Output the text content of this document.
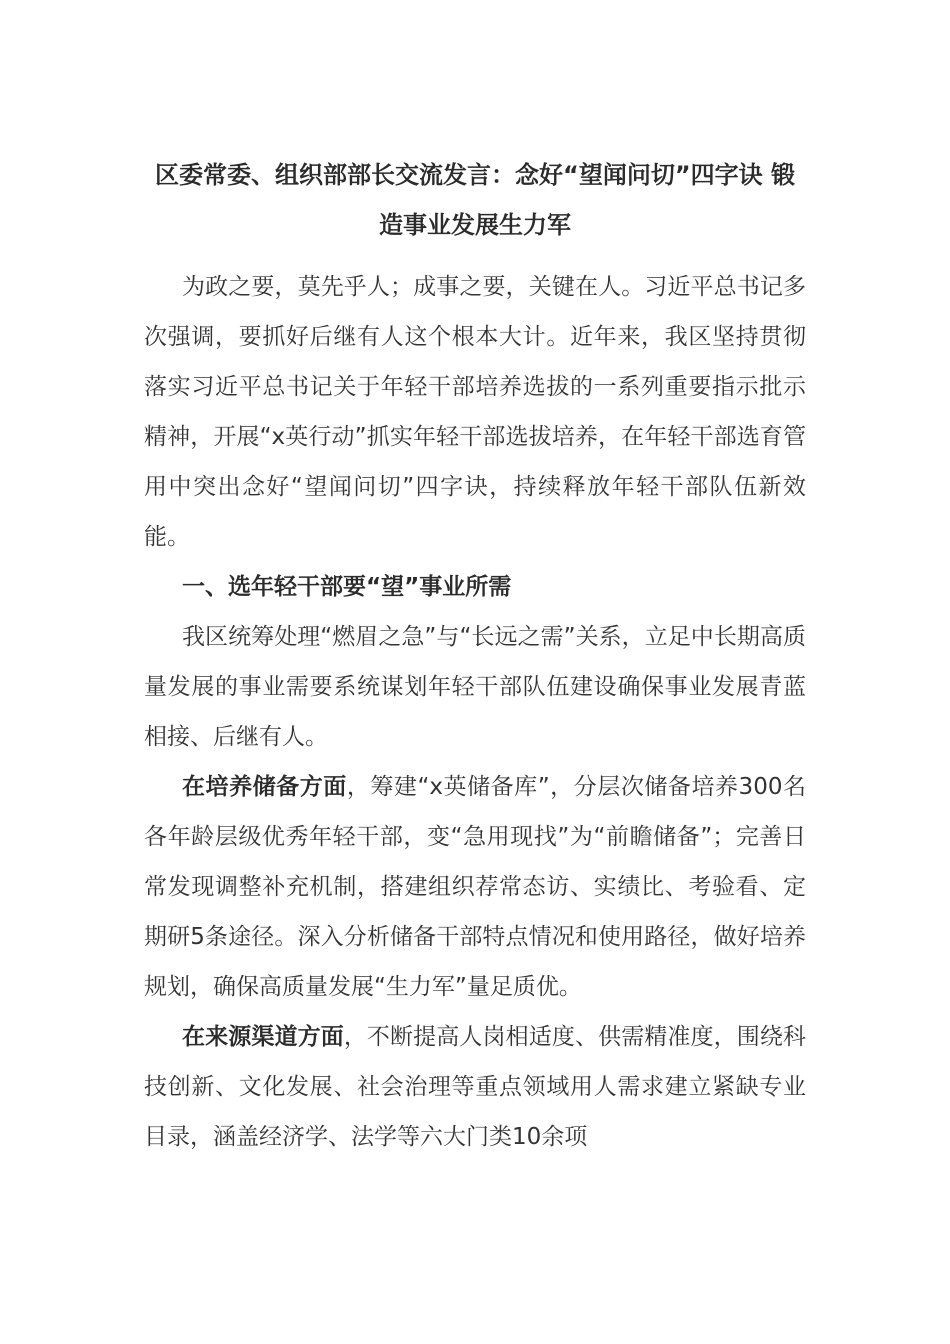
区委常委、组织部部长交流发言：念好“望闻问切”四字诀 锻造事业发展生力军

为政之要，莫先乎人；成事之要，关键在人。习近平总书记多次强调，要抓好后继有人这个根本大计。近年来，我区坚持贯彻落实习近平总书记关于年轻干部培养选拔的一系列重要指示批示精神，开展“x英行动”抓实年轻干部选拔培养，在年轻干部选育管用中突出念好“望闻问切”四字诀，持续释放年轻干部队伍新效能。

一、选年轻干部要“望”事业所需

我区统筹处理“燃眉之急”与“长远之需”关系，立足中长期高质量发展的事业需要系统谋划年轻干部队伍建设确保事业发展青蓝相接、后继有人。

在培养储备方面，筹建“x英储备库”，分层次储备培养300名各年龄层级优秀年轻干部，变“急用现找”为“前瞻储备”；完善日常发现调整补充机制，搭建组织荐常态访、实绩比、考验看、定期研5条途径。深入分析储备干部特点情况和使用路径，做好培养规划，确保高质量发展“生力军”量足质优。

在来源渠道方面，不断提高人岗相适度、供需精准度，围绕科技创新、文化发展、社会治理等重点领域用人需求建立紧缺专业目录，涵盖经济学、法学等六大门类10余项
